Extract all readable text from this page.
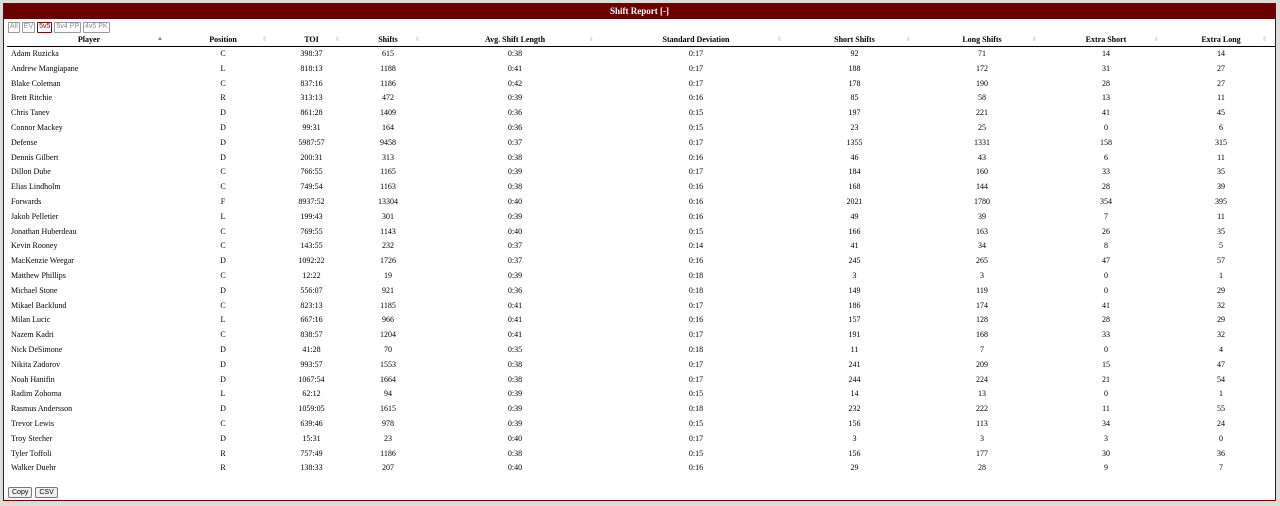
Shift Report [-]
All EV 5v5 5v4 PP 4v5 PK
Player ▲	Position ⇕	TOI ⇕	Shifts ⇕	Avg. Shift Length ⇕	Standard Deviation ⇕	Short Shifts ⇕	Long Shifts ⇕	Extra Short ⇕	Extra Long ⇕

Adam Ruzicka	C	398:37	615	0:38	0:17	92	71	14	14
Andrew Mangiapane	L	818:13	1188	0:41	0:17	188	172	31	27
Blake Coleman	C	837:16	1186	0:42	0:17	178	190	28	27
Brett Ritchie	R	313:13	472	0:39	0:16	85	58	13	11
Chris Tanev	D	861:28	1409	0:36	0:15	197	221	41	45
Connor Mackey	D	99:31	164	0:36	0:15	23	25	0	6
Defense	D	5987:57	9458	0:37	0:17	1355	1331	158	315
Dennis Gilbert	D	200:31	313	0:38	0:16	46	43	6	11
Dillon Dube	C	766:55	1165	0:39	0:17	184	160	33	35
Elias Lindholm	C	749:54	1163	0:38	0:16	168	144	28	39
Forwards	F	8937:52	13304	0:40	0:16	2021	1780	354	395
Jakob Pelletier	L	199:43	301	0:39	0:16	49	39	7	11
Jonathan Huberdeau	C	769:55	1143	0:40	0:15	166	163	26	35
Kevin Rooney	C	143:55	232	0:37	0:14	41	34	8	5
MacKenzie Weegar	D	1092:22	1726	0:37	0:16	245	265	47	57
Matthew Phillips	C	12:22	19	0:39	0:18	3	3	0	1
Michael Stone	D	556:07	921	0:36	0:18	149	119	0	29
Mikael Backlund	C	823:13	1185	0:41	0:17	186	174	41	32
Milan Lucic	L	667:16	966	0:41	0:16	157	128	28	29
Nazem Kadri	C	838:57	1204	0:41	0:17	191	168	33	32
Nick DeSimone	D	41:28	70	0:35	0:18	11	7	0	4
Nikita Zadorov	D	993:57	1553	0:38	0:17	241	209	15	47
Noah Hanifin	D	1067:54	1664	0:38	0:17	244	224	21	54
Radim Zohorna	L	62:12	94	0:39	0:15	14	13	0	1
Rasmus Andersson	D	1059:05	1615	0:39	0:18	232	222	11	55
Trevor Lewis	C	639:46	978	0:39	0:15	156	113	34	24
Troy Stecher	D	15:31	23	0:40	0:17	3	3	3	0
Tyler Toffoli	R	757:49	1186	0:38	0:15	156	177	30	36
Walker Duehr	R	138:33	207	0:40	0:16	29	28	9	7
Copy	CSV
